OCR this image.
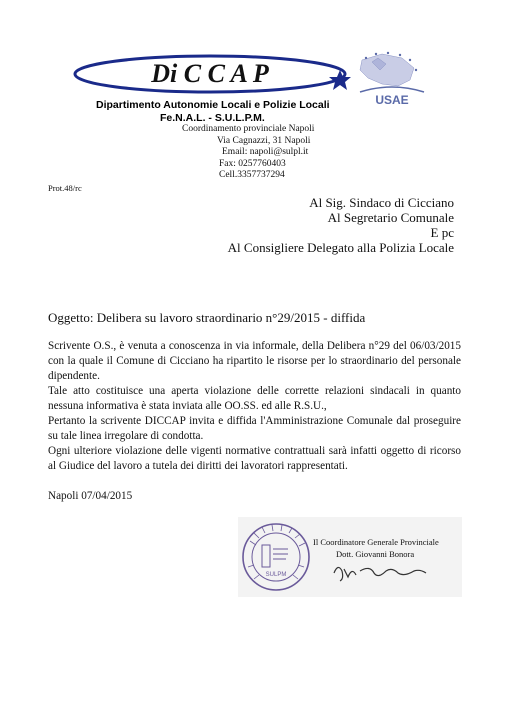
Di C C A P
USAE
Dipartimento Autonomie Locali e Polizie Locali
Fe.N.A.L. - S.U.L.P.M.
Coordinamento provinciale Napoli
Via Cagnazzi, 31 Napoli
Email: napoli@sulpl.it
Fax: 0257760403
Cell.3357737294
Prot.48/rc
Al Sig. Sindaco di Cicciano
Al Segretario Comunale
E pc
Al Consigliere Delegato alla Polizia Locale
Oggetto: Delibera su lavoro straordinario n°29/2015 - diffida

Scrivente O.S., è venuta a conoscenza in via informale, della Delibera n°29 del 06/03/2015 con la quale il Comune di Cicciano ha ripartito le risorse per lo straordinario del personale dipendente.

Tale atto costituisce una aperta violazione delle corrette relazioni sindacali in quanto nessuna informativa è stata inviata alle OO.SS. ed alle R.S.U.,

Pertanto la scrivente DICCAP invita e diffida l'Amministrazione Comunale dal proseguire su tale linea irregolare di condotta.

Ogni ulteriore violazione delle vigenti normative contrattuali sarà infatti oggetto di ricorso al Giudice del lavoro a tutela dei diritti dei lavoratori rappresentati.

Napoli 07/04/2015
SULPM
Il Coordinatore Generale Provinciale
Dott. Giovanni Bonora
